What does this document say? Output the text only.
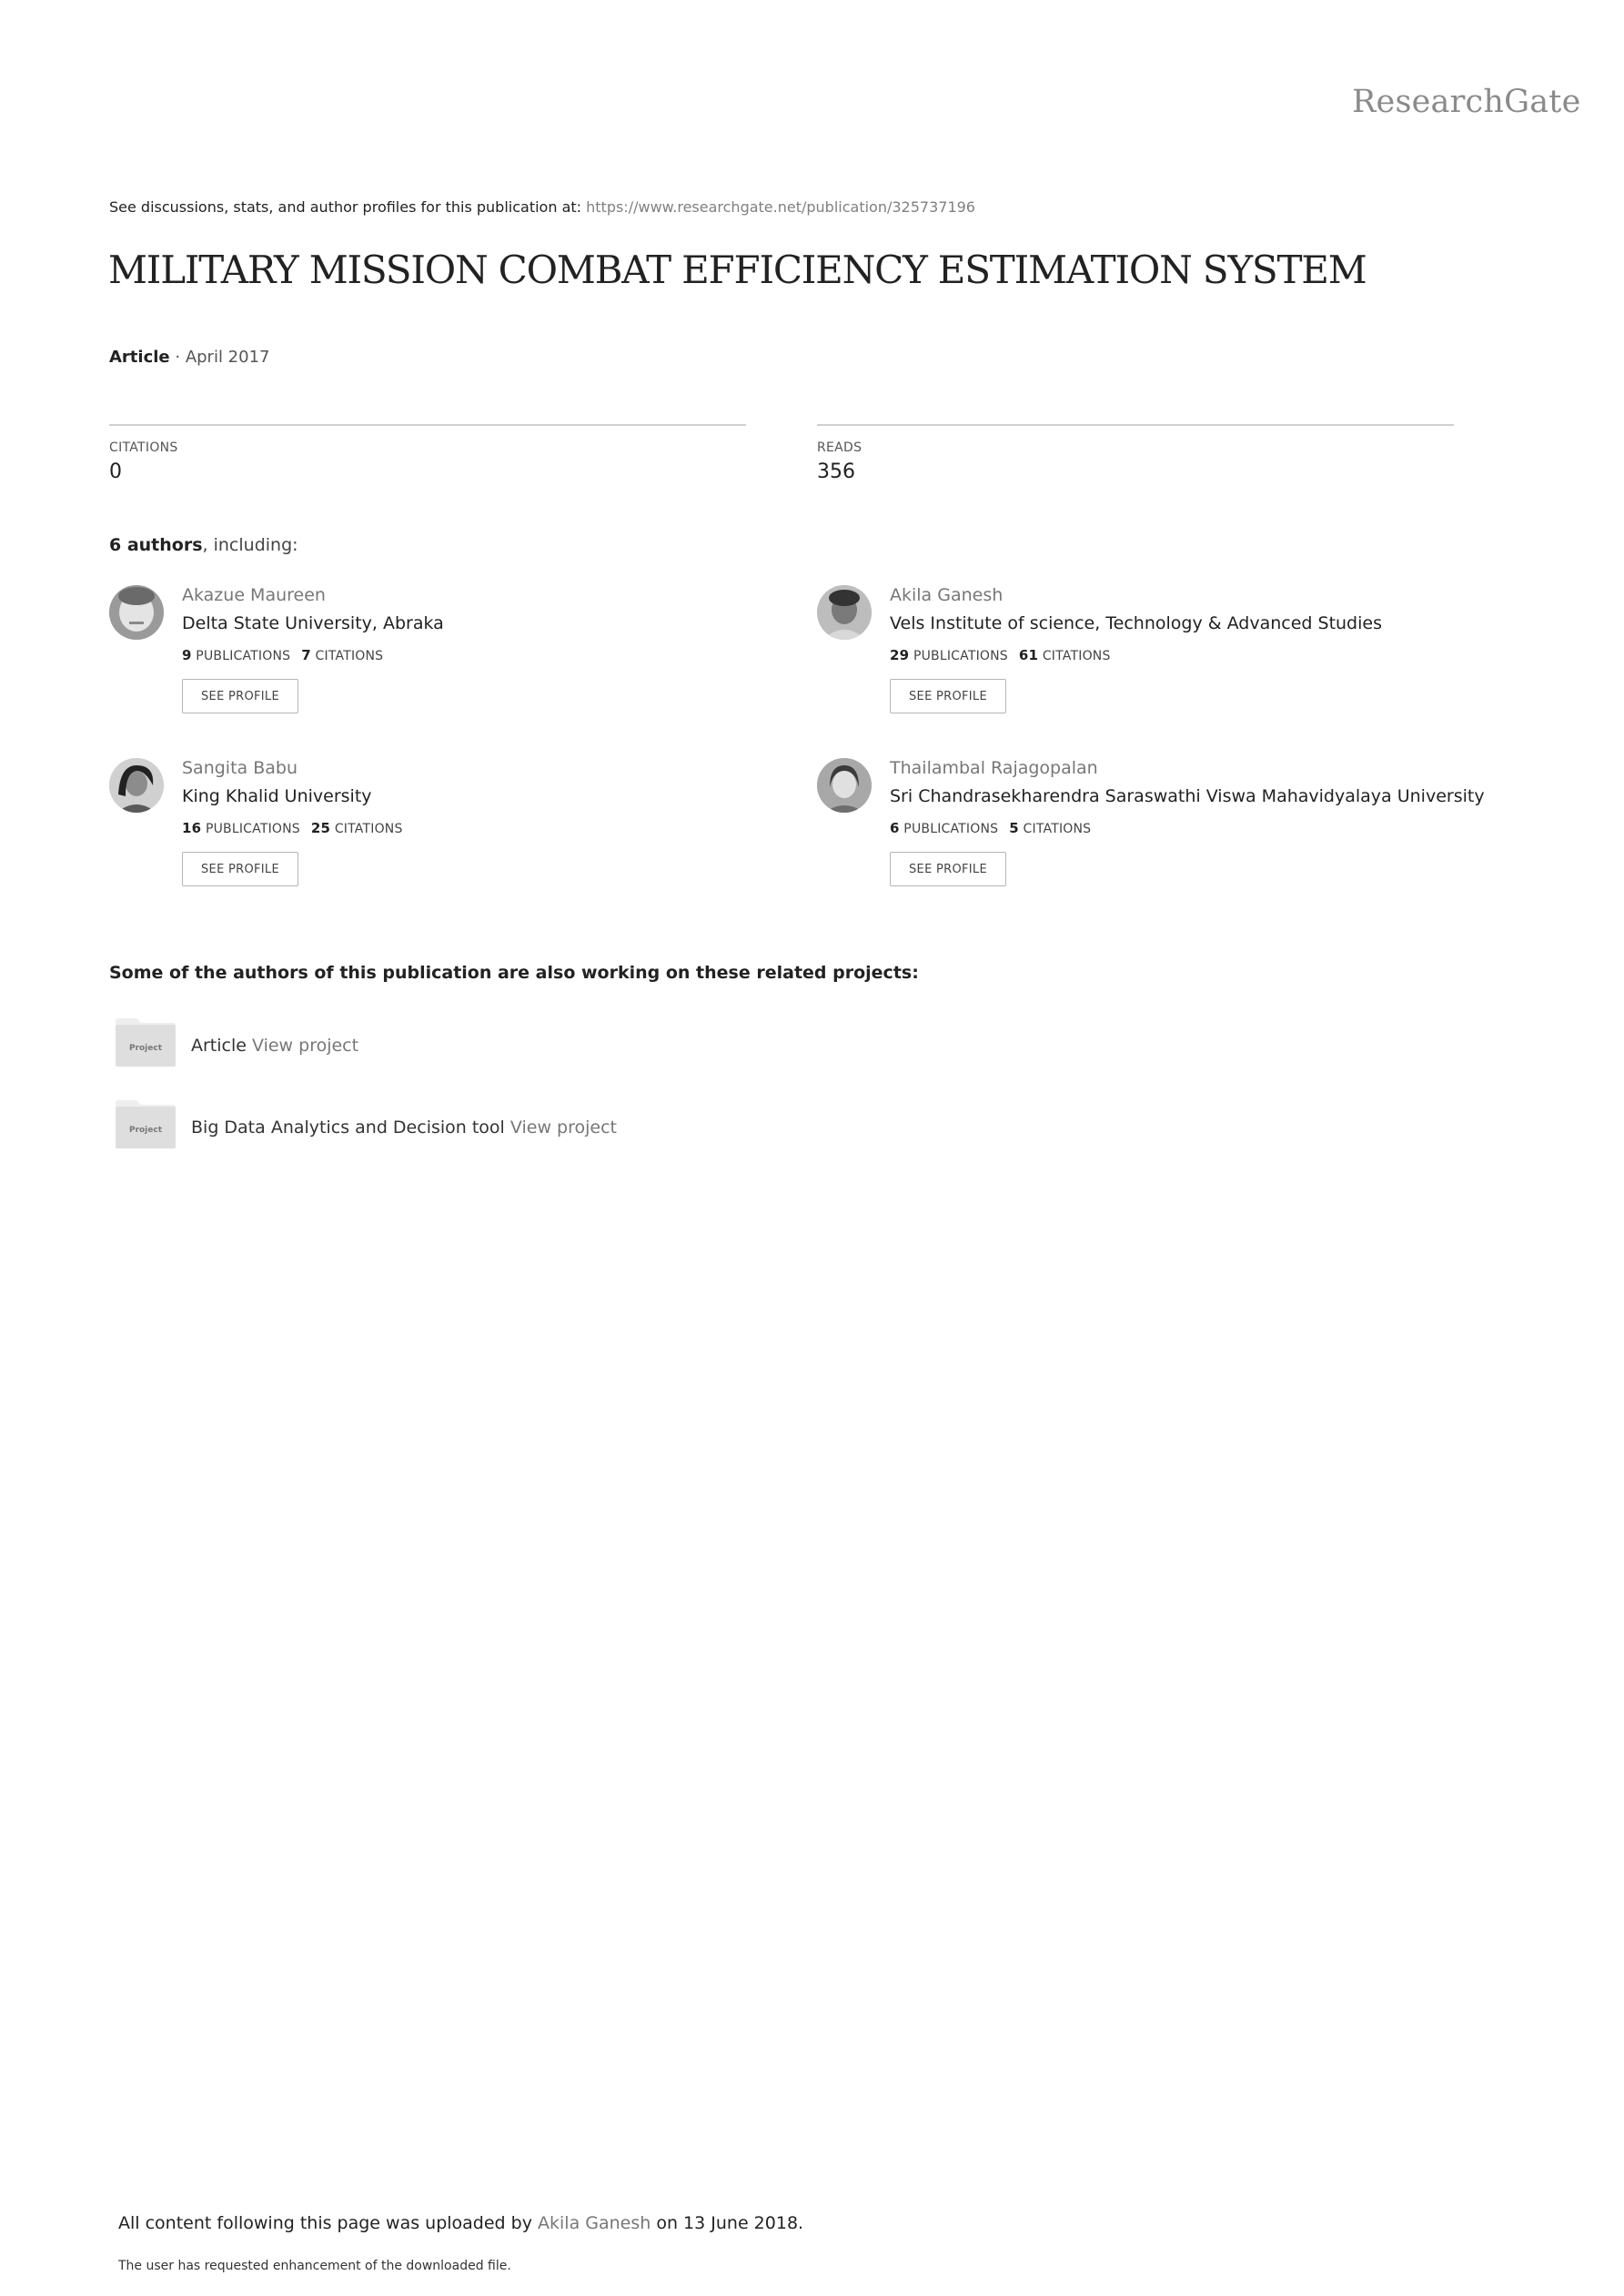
ResearchGate
See discussions, stats, and author profiles for this publication at: https://www.researchgate.net/publication/325737196
MILITARY MISSION COMBAT EFFICIENCY ESTIMATION SYSTEM
Article · April 2017
CITATIONS
0
READS
356
6 authors, including:
Akazue Maureen
Delta State University, Abraka
9 PUBLICATIONS 7 CITATIONS
SEE PROFILE
Akila Ganesh
Vels Institute of science, Technology & Advanced Studies
29 PUBLICATIONS 61 CITATIONS
SEE PROFILE
Sangita Babu
King Khalid University
16 PUBLICATIONS 25 CITATIONS
SEE PROFILE
Thailambal Rajagopalan
Sri Chandrasekharendra Saraswathi Viswa Mahavidyalaya University
6 PUBLICATIONS 5 CITATIONS
SEE PROFILE
Some of the authors of this publication are also working on these related projects:
Project Article View project
Project Big Data Analytics and Decision tool View project
All content following this page was uploaded by Akila Ganesh on 13 June 2018.
The user has requested enhancement of the downloaded file.
